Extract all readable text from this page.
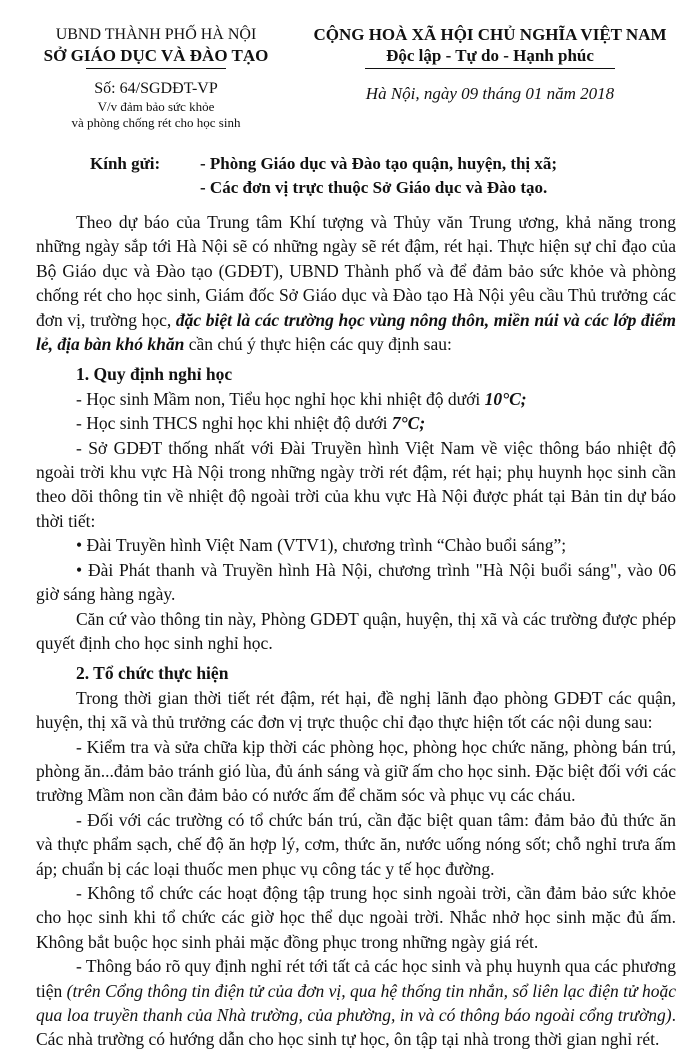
UBND THÀNH PHỐ HÀ NỘI
SỞ GIÁO DỤC VÀ ĐÀO TẠO
Số: 64/SGDĐT-VP
V/v đảm bảo sức khỏe
và phòng chống rét cho học sinh
CỘNG HOÀ XÃ HỘI CHỦ NGHĨA VIỆT NAM
Độc lập - Tự do - Hạnh phúc
Hà Nội, ngày 09 tháng 01 năm 2018
Kính gửi: - Phòng Giáo dục và Đào tạo quận, huyện, thị xã;
- Các đơn vị trực thuộc Sở Giáo dục và Đào tạo.

Theo dự báo của Trung tâm Khí tượng và Thủy văn Trung ương, khả năng trong những ngày sắp tới Hà Nội sẽ có những ngày sẽ rét đậm, rét hại. Thực hiện sự chỉ đạo của Bộ Giáo dục và Đào tạo (GDĐT), UBND Thành phố và để đảm bảo sức khỏe và phòng chống rét cho học sinh, Giám đốc Sở Giáo dục và Đào tạo Hà Nội yêu cầu Thủ trưởng các đơn vị, trường học, đặc biệt là các trường học vùng nông thôn, miền núi và các lớp điểm lẻ, địa bàn khó khăn cần chú ý thực hiện các quy định sau:

1. Quy định nghỉ học

- Học sinh Mầm non, Tiểu học nghỉ học khi nhiệt độ dưới 10°C;

- Học sinh THCS nghỉ học khi nhiệt độ dưới 7°C;

- Sở GDĐT thống nhất với Đài Truyền hình Việt Nam về việc thông báo nhiệt độ ngoài trời khu vực Hà Nội trong những ngày trời rét đậm, rét hại; phụ huynh học sinh cần theo dõi thông tin về nhiệt độ ngoài trời của khu vực Hà Nội được phát tại Bản tin dự báo thời tiết:

• Đài Truyền hình Việt Nam (VTV1), chương trình “Chào buổi sáng”;

• Đài Phát thanh và Truyền hình Hà Nội, chương trình "Hà Nội buổi sáng", vào 06 giờ sáng hàng ngày.

Căn cứ vào thông tin này, Phòng GDĐT quận, huyện, thị xã và các trường được phép quyết định cho học sinh nghỉ học.

2. Tổ chức thực hiện

Trong thời gian thời tiết rét đậm, rét hại, đề nghị lãnh đạo phòng GDĐT các quận, huyện, thị xã và thủ trưởng các đơn vị trực thuộc chỉ đạo thực hiện tốt các nội dung sau:

- Kiểm tra và sửa chữa kịp thời các phòng học, phòng học chức năng, phòng bán trú, phòng ăn...đảm bảo tránh gió lùa, đủ ánh sáng và giữ ấm cho học sinh. Đặc biệt đối với các trường Mầm non cần đảm bảo có nước ấm để chăm sóc và phục vụ các cháu.

- Đối với các trường có tổ chức bán trú, cần đặc biệt quan tâm: đảm bảo đủ thức ăn và thực phẩm sạch, chế độ ăn hợp lý, cơm, thức ăn, nước uống nóng sốt; chỗ nghỉ trưa ấm áp; chuẩn bị các loại thuốc men phục vụ công tác y tế học đường.

- Không tổ chức các hoạt động tập trung học sinh ngoài trời, cần đảm bảo sức khỏe cho học sinh khi tổ chức các giờ học thể dục ngoài trời. Nhắc nhở học sinh mặc đủ ấm. Không bắt buộc học sinh phải mặc đồng phục trong những ngày giá rét.

- Thông báo rõ quy định nghỉ rét tới tất cả các học sinh và phụ huynh qua các phương tiện (trên Cổng thông tin điện tử của đơn vị, qua hệ thống tin nhắn, sổ liên lạc điện tử hoặc qua loa truyền thanh của Nhà trường, của phường, in và có thông báo ngoài cổng trường). Các nhà trường có hướng dẫn cho học sinh tự học, ôn tập tại nhà trong thời gian nghỉ rét.
